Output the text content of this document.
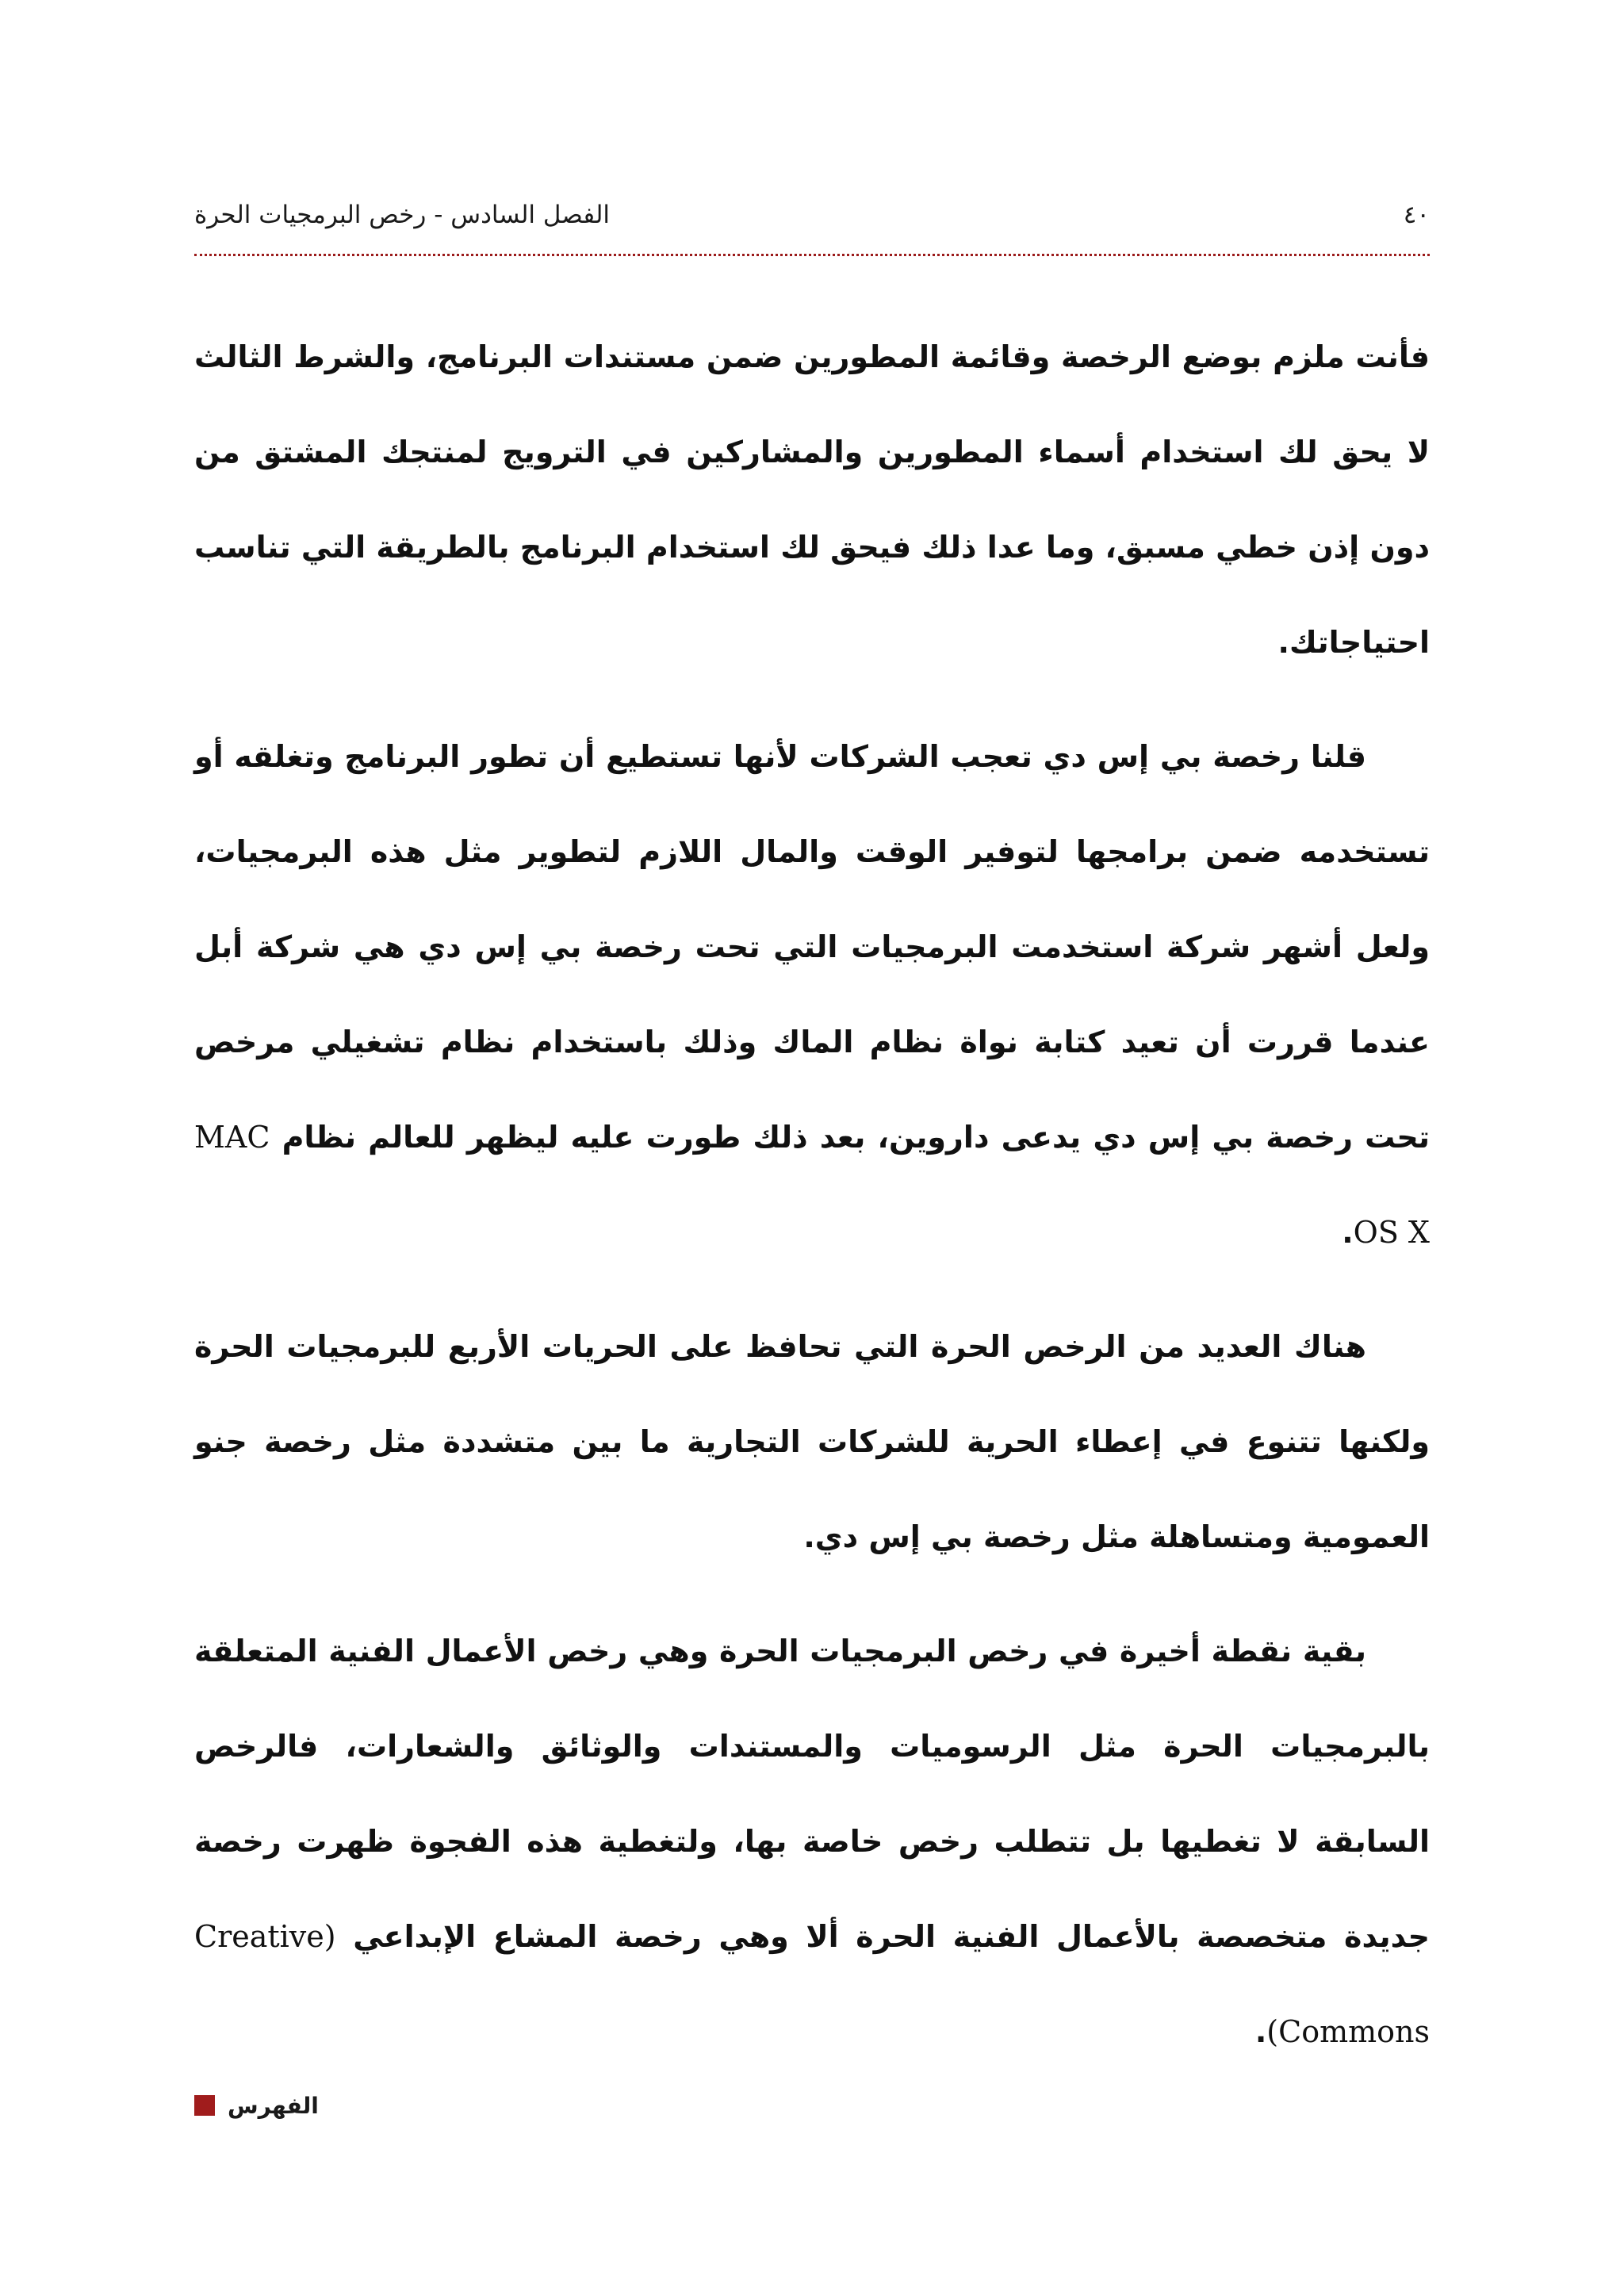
الفصل السادس - رخص البرمجيات الحرة	٤٠

فأنت ملزم بوضع الرخصة وقائمة المطورين ضمن مستندات البرنامج، والشرط الثالث لا يحق لك استخدام أسماء المطورين والمشاركين في الترويج لمنتجك المشتق من دون إذن خطي مسبق، وما عدا ذلك فيحق لك استخدام البرنامج بالطريقة التي تناسب احتياجاتك.

قلنا رخصة بي إس دي تعجب الشركات لأنها تستطيع أن تطور البرنامج وتغلقه أو تستخدمه ضمن برامجها لتوفير الوقت والمال اللازم لتطوير مثل هذه البرمجيات، ولعل أشهر شركة استخدمت البرمجيات التي تحت رخصة بي إس دي هي شركة أبل عندما قررت أن تعيد كتابة نواة نظام الماك وذلك باستخدام نظام تشغيلي مرخص تحت رخصة بي إس دي يدعى داروين، بعد ذلك طورت عليه ليظهر للعالم نظام MAC OS X.

هناك العديد من الرخص الحرة التي تحافظ على الحريات الأربع للبرمجيات الحرة ولكنها تتنوع في إعطاء الحرية للشركات التجارية ما بين متشددة مثل رخصة جنو العمومية ومتساهلة مثل رخصة بي إس دي.

بقية نقطة أخيرة في رخص البرمجيات الحرة وهي رخص الأعمال الفنية المتعلقة بالبرمجيات الحرة مثل الرسوميات والمستندات والوثائق والشعارات، فالرخص السابقة لا تغطيها بل تتطلب رخص خاصة بها، ولتغطية هذه الفجوة ظهرت رخصة جديدة متخصصة بالأعمال الفنية الحرة ألا وهي رخصة المشاع الإبداعي (Creative Commons).

الفهرس
